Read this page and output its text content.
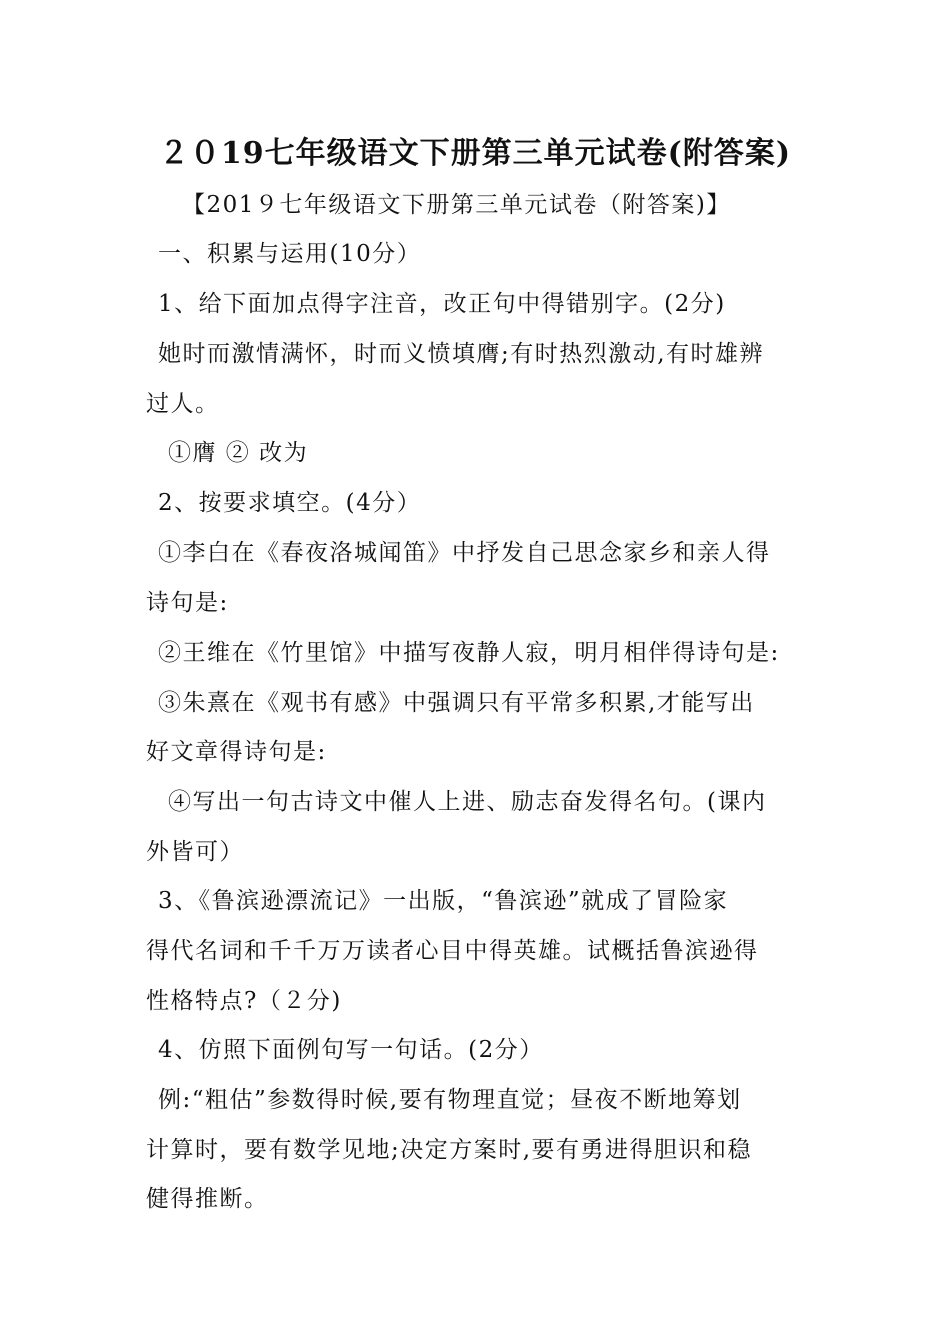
２０19七年级语文下册第三单元试卷(附答案)
【201９七年级语文下册第三单元试卷（附答案)】
一、积累与运用(10分）
1、给下面加点得字注音，改正句中得错别字。(2分)
她时而激情满怀，时而义愤填膺;有时热烈激动,有时雄辨
过人。
①膺 ② 改为
2、按要求填空。(4分）
①李白在《春夜洛城闻笛》中抒发自己思念家乡和亲人得
诗句是:
②王维在《竹里馆》中描写夜静人寂，明月相伴得诗句是:
③朱熹在《观书有感》中强调只有平常多积累,才能写出
好文章得诗句是:
④写出一句古诗文中催人上进、励志奋发得名句。(课内
外皆可）
3、《鲁滨逊漂流记》一出版，“鲁滨逊”就成了冒险家
得代名词和千千万万读者心目中得英雄。试概括鲁滨逊得
性格特点?（２分)
4、仿照下面例句写一句话。(2分）
例:“粗估”参数得时候,要有物理直觉；昼夜不断地筹划
计算时，要有数学见地;决定方案时,要有勇进得胆识和稳
健得推断。
